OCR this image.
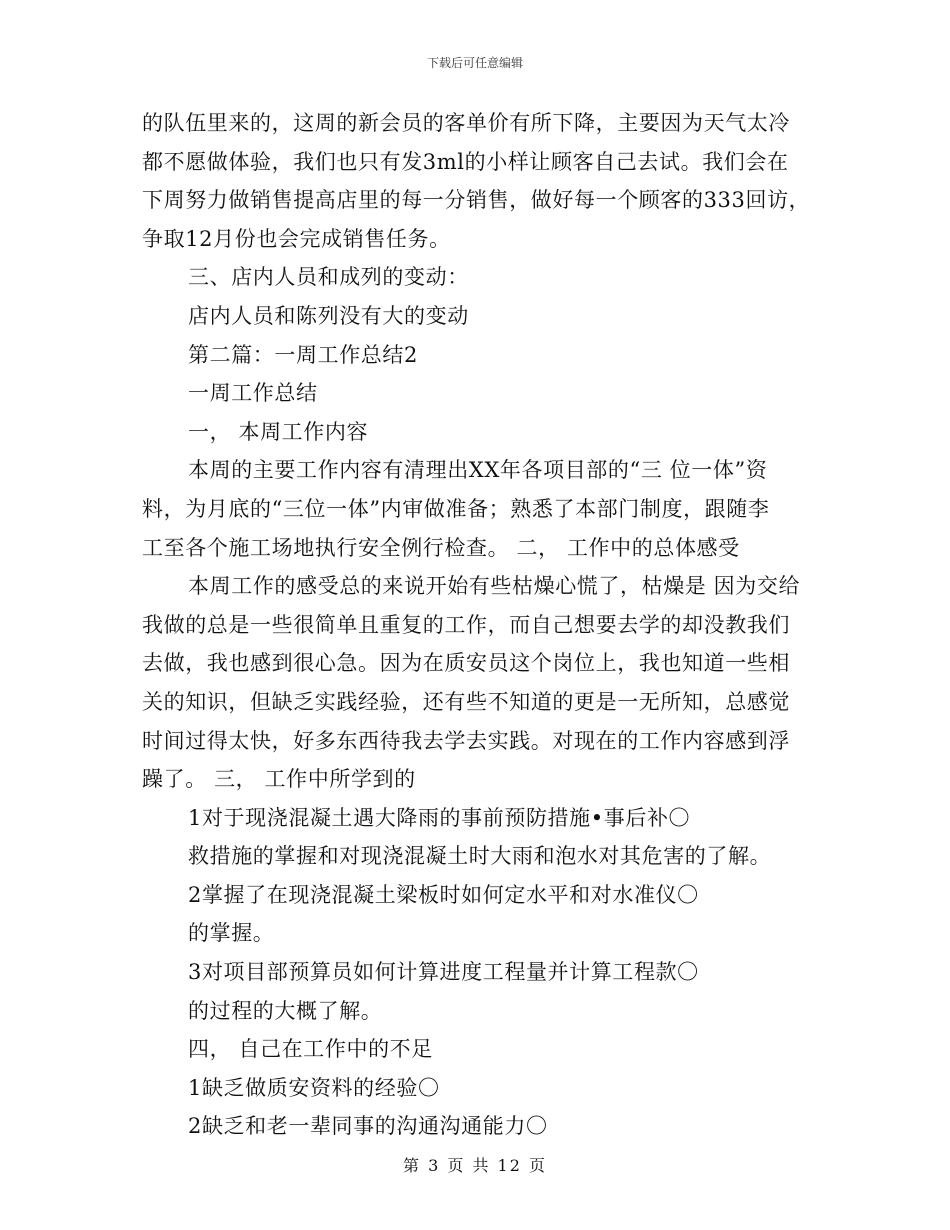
下载后可任意编辑
的队伍里来的，这周的新会员的客单价有所下降，主要因为天气太冷
都不愿做体验，我们也只有发3ml的小样让顾客自己去试。我们会在
下周努力做销售提高店里的每一分销售，做好每一个顾客的333回访，
争取12月份也会完成销售任务。
三、店内人员和成列的变动：
店内人员和陈列没有大的变动
第二篇：一周工作总结2
一周工作总结
一， 本周工作内容
本周的主要工作内容有清理出XX年各项目部的“三 位一体”资
料，为月底的“三位一体”内审做准备；熟悉了本部门制度，跟随李
工至各个施工场地执行安全例行检查。 二， 工作中的总体感受
本周工作的感受总的来说开始有些枯燥心慌了，枯燥是 因为交给
我做的总是一些很简单且重复的工作，而自己想要去学的却没教我们
去做，我也感到很心急。因为在质安员这个岗位上，我也知道一些相
关的知识，但缺乏实践经验，还有些不知道的更是一无所知，总感觉
时间过得太快，好多东西待我去学去实践。对现在的工作内容感到浮
躁了。 三， 工作中所学到的
1对于现浇混凝土遇大降雨的事前预防措施•事后补〇
救措施的掌握和对现浇混凝土时大雨和泡水对其危害的了解。
2掌握了在现浇混凝土梁板时如何定水平和对水准仪〇
的掌握。
3对项目部预算员如何计算进度工程量并计算工程款〇
的过程的大概了解。
四， 自己在工作中的不足
1缺乏做质安资料的经验〇
2缺乏和老一辈同事的沟通沟通能力〇
第 3 页 共 12 页
